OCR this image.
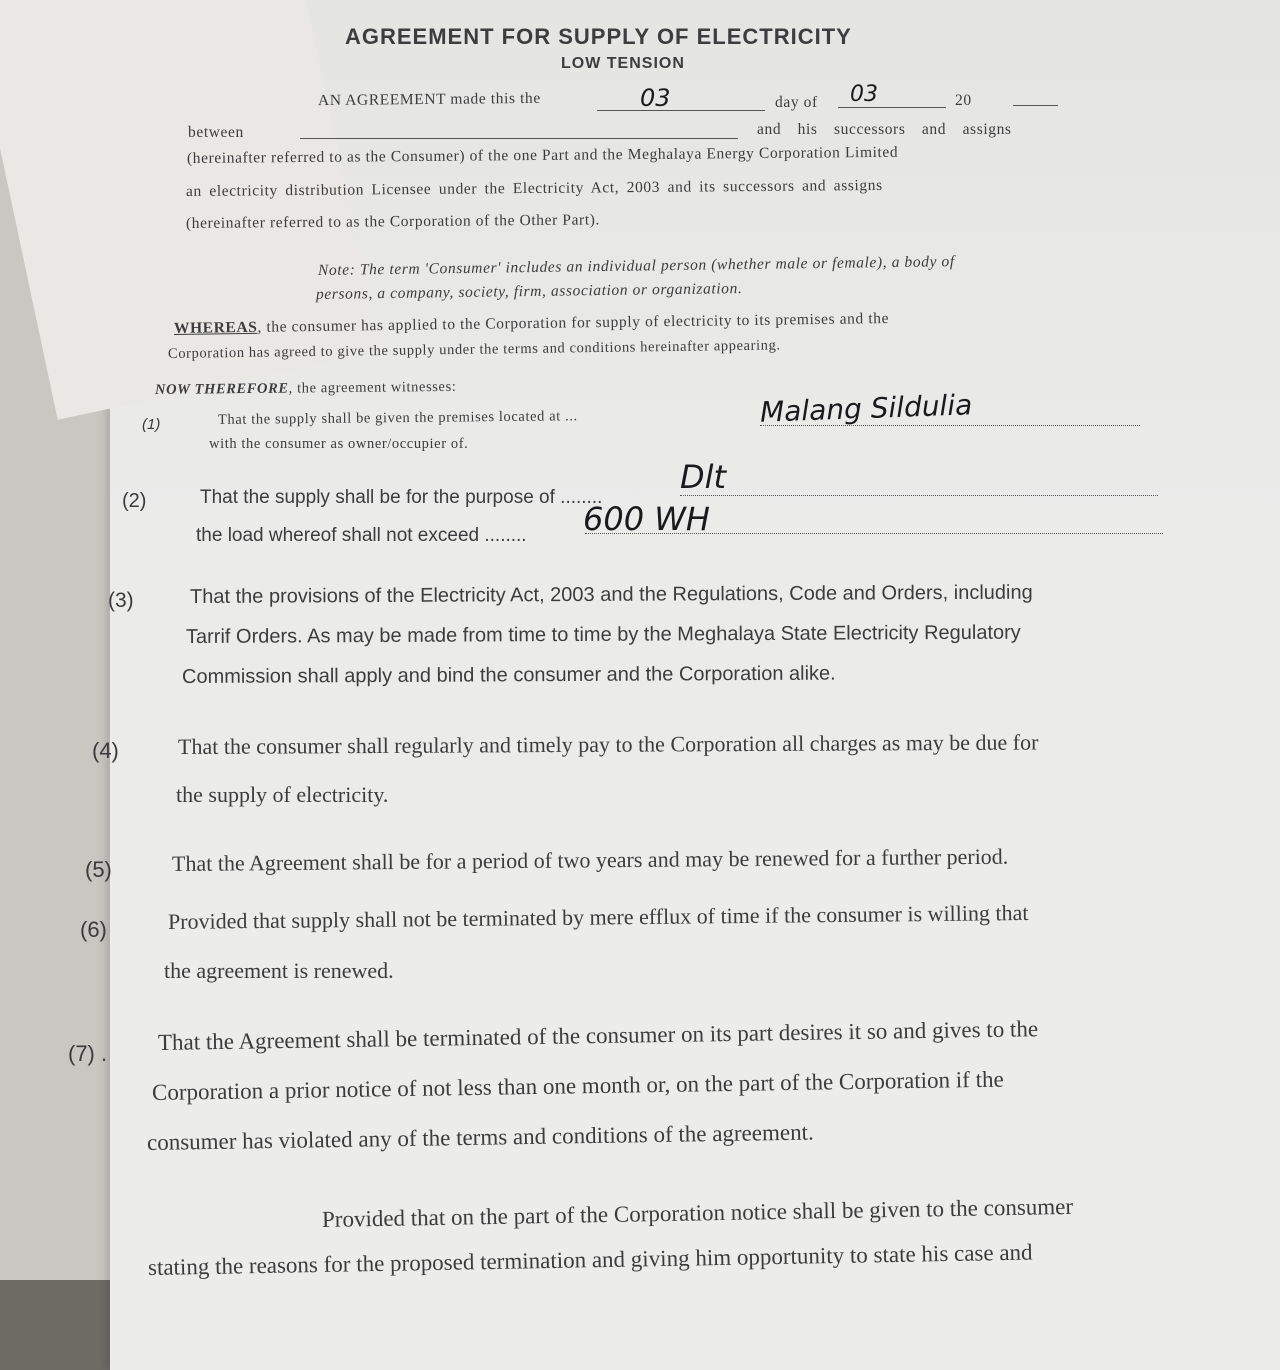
AGREEMENT FOR SUPPLY OF ELECTRICITY
LOW TENSION
AN AGREEMENT made this the	03	day of 03	20
between	and his successors and assigns
(hereinafter referred to as the Consumer) of the one Part and the Meghalaya Energy Corporation Limited
an electricity distribution Licensee under the Electricity Act, 2003 and its successors and assigns
(hereinafter referred to as the Corporation of the Other Part).
Note: The term 'Consumer' includes an individual person (whether male or female), a body of
persons, a company, society, firm, association or organization.
WHEREAS, the consumer has applied to the Corporation for supply of electricity to its premises and the
Corporation has agreed to give the supply under the terms and conditions hereinafter appearing.
NOW THEREFORE, the agreement witnesses:
(1)	That the supply shall be given the premises located at ...	Malang Sildulia
with the consumer as owner/occupier of.
(2)	That the supply shall be for the purpose of ........
Dlt
the load whereof shall not exceed ........ 600 WH
(3)	That the provisions of the Electricity Act, 2003 and the Regulations, Code and Orders, including
Tarrif Orders. As may be made from time to time by the Meghalaya State Electricity Regulatory
Commission shall apply and bind the consumer and the Corporation alike.
(4)	That the consumer shall regularly and timely pay to the Corporation all charges as may be due for
the supply of electricity.
(5)	That the Agreement shall be for a period of two years and may be renewed for a further period.
(6)	Provided that supply shall not be terminated by mere efflux of time if the consumer is willing that
the agreement is renewed.
(7) . That the Agreement shall be terminated of the consumer on its part desires it so and gives to the
Corporation a prior notice of not less than one month or, on the part of the Corporation if the
consumer has violated any of the terms and conditions of the agreement.
Provided that on the part of the Corporation notice shall be given to the consumer
stating the reasons for the proposed termination and giving him opportunity to state his case and
